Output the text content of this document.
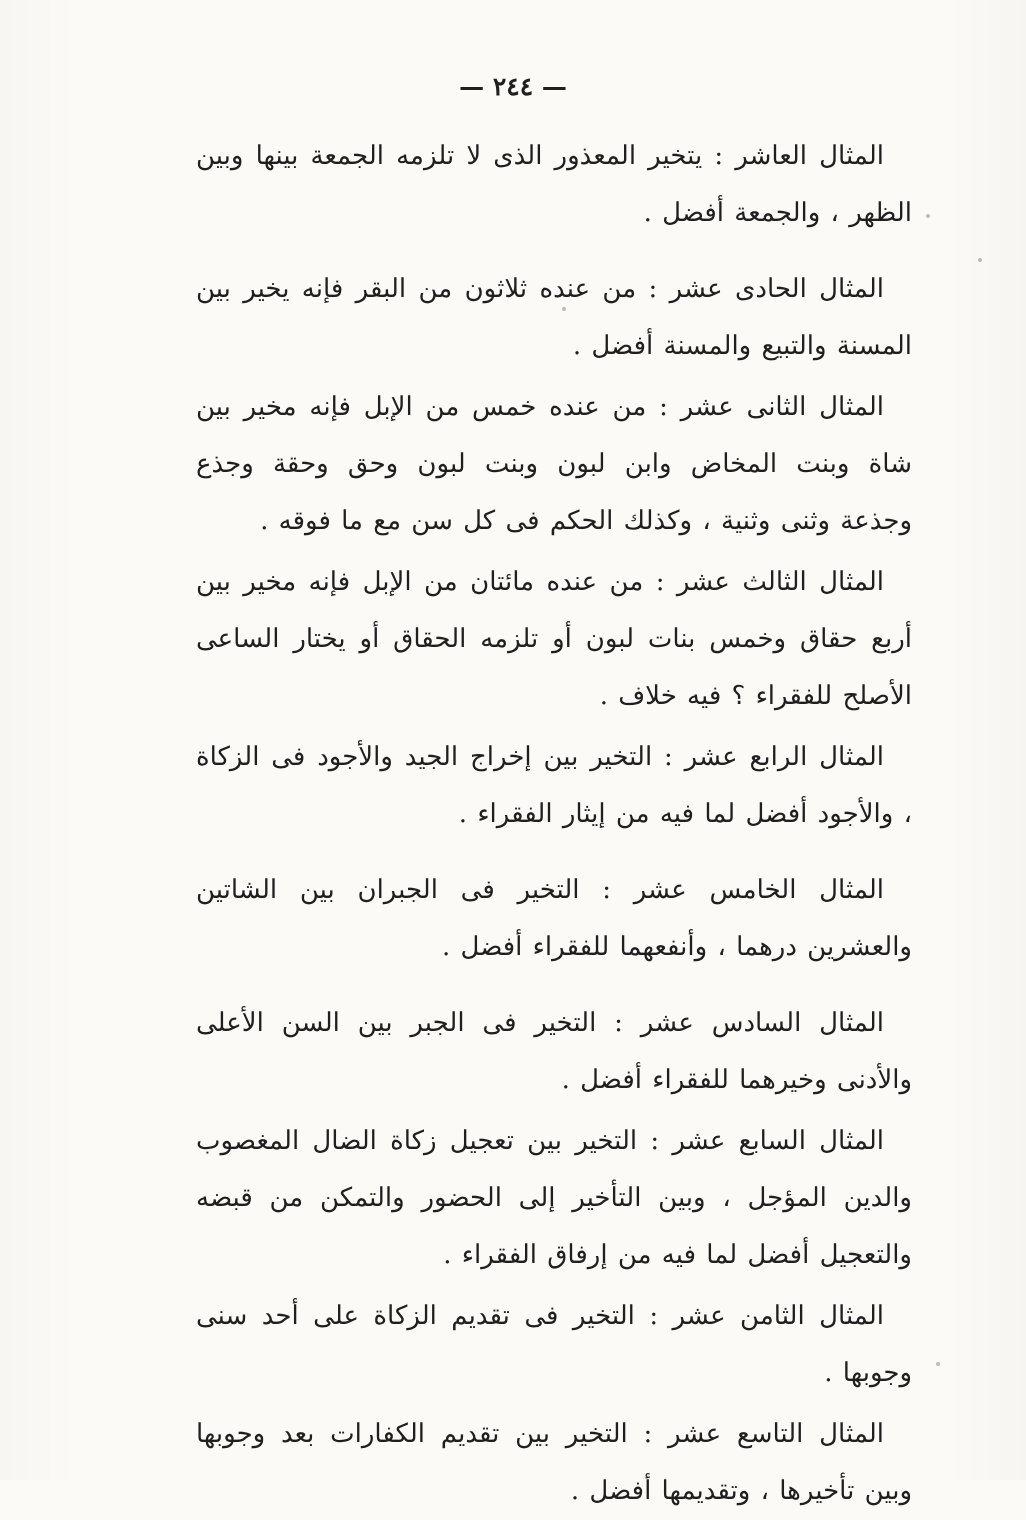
— ٢٤٤ —

المثال العاشر : يتخير المعذور الذى لا تلزمه الجمعة بينها وبين الظهر ، والجمعة أفضل .

المثال الحادى عشر : من عنده ثلاثون من البقر فإنه يخير بين المسنة والتبيع والمسنة أفضل .

المثال الثانى عشر : من عنده خمس من الإبل فإنه مخير بين شاة وبنت المخاض وابن لبون وبنت لبون وحق وحقة وجذع وجذعة وثنى وثنية ، وكذلك الحكم فى كل سن مع ما فوقه .

المثال الثالث عشر : من عنده مائتان من الإبل فإنه مخير بين أربع حقاق وخمس بنات لبون أو تلزمه الحقاق أو يختار الساعى الأصلح للفقراء ؟ فيه خلاف .

المثال الرابع عشر : التخير بين إخراج الجيد والأجود فى الزكاة ، والأجود أفضل لما فيه من إيثار الفقراء .

المثال الخامس عشر : التخير فى الجبران بين الشاتين والعشرين درهما ، وأنفعهما للفقراء أفضل .

المثال السادس عشر : التخير فى الجبر بين السن الأعلى والأدنى وخيرهما للفقراء أفضل .

المثال السابع عشر : التخير بين تعجيل زكاة الضال المغصوب والدين المؤجل ، وبين التأخير إلى الحضور والتمكن من قبضه والتعجيل أفضل لما فيه من إرفاق الفقراء .

المثال الثامن عشر : التخير فى تقديم الزكاة على أحد سنى وجوبها .

المثال التاسع عشر : التخير بين تقديم الكفارات بعد وجوبها وبين تأخيرها ، وتقديمها أفضل .
